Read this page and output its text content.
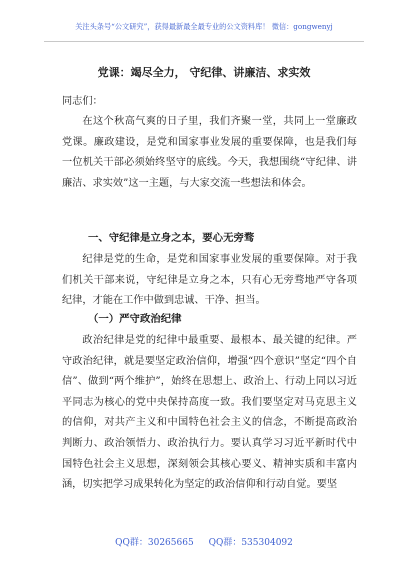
关注头条号“公文研究”，获得最新最全最专业的公文资料库！ 微信：gongwenyj
党课：竭尽全力， 守纪律、讲廉洁、求实效
同志们：

在这个秋高气爽的日子里，我们齐聚一堂，共同上一堂廉政党课。廉政建设，是党和国家事业发展的重要保障，也是我们每一位机关干部必须始终坚守的底线。今天，我想围绕“守纪律、讲廉洁、求实效”这一主题，与大家交流一些想法和体会。

一、守纪律是立身之本，要心无旁骛

纪律是党的生命，是党和国家事业发展的重要保障。对于我们机关干部来说，守纪律是立身之本，只有心无旁骛地严守各项纪律，才能在工作中做到忠诚、干净、担当。

（一）严守政治纪律

政治纪律是党的纪律中最重要、最根本、最关键的纪律。严守政治纪律，就是要坚定政治信仰，增强“四个意识”坚定“四个自信”、做到“两个维护”，始终在思想上、政治上、行动上同以习近平同志为核心的党中央保持高度一致。我们要坚定对马克思主义的信仰，对共产主义和中国特色社会主义的信念，不断提高政治判断力、政治领悟力、政治执行力。要认真学习习近平新时代中国特色社会主义思想，深刻领会其核心要义、精神实质和丰富内涵，切实把学习成果转化为坚定的政治信仰和行动自觉。要坚

QQ群：30265665 QQ群：535304092
